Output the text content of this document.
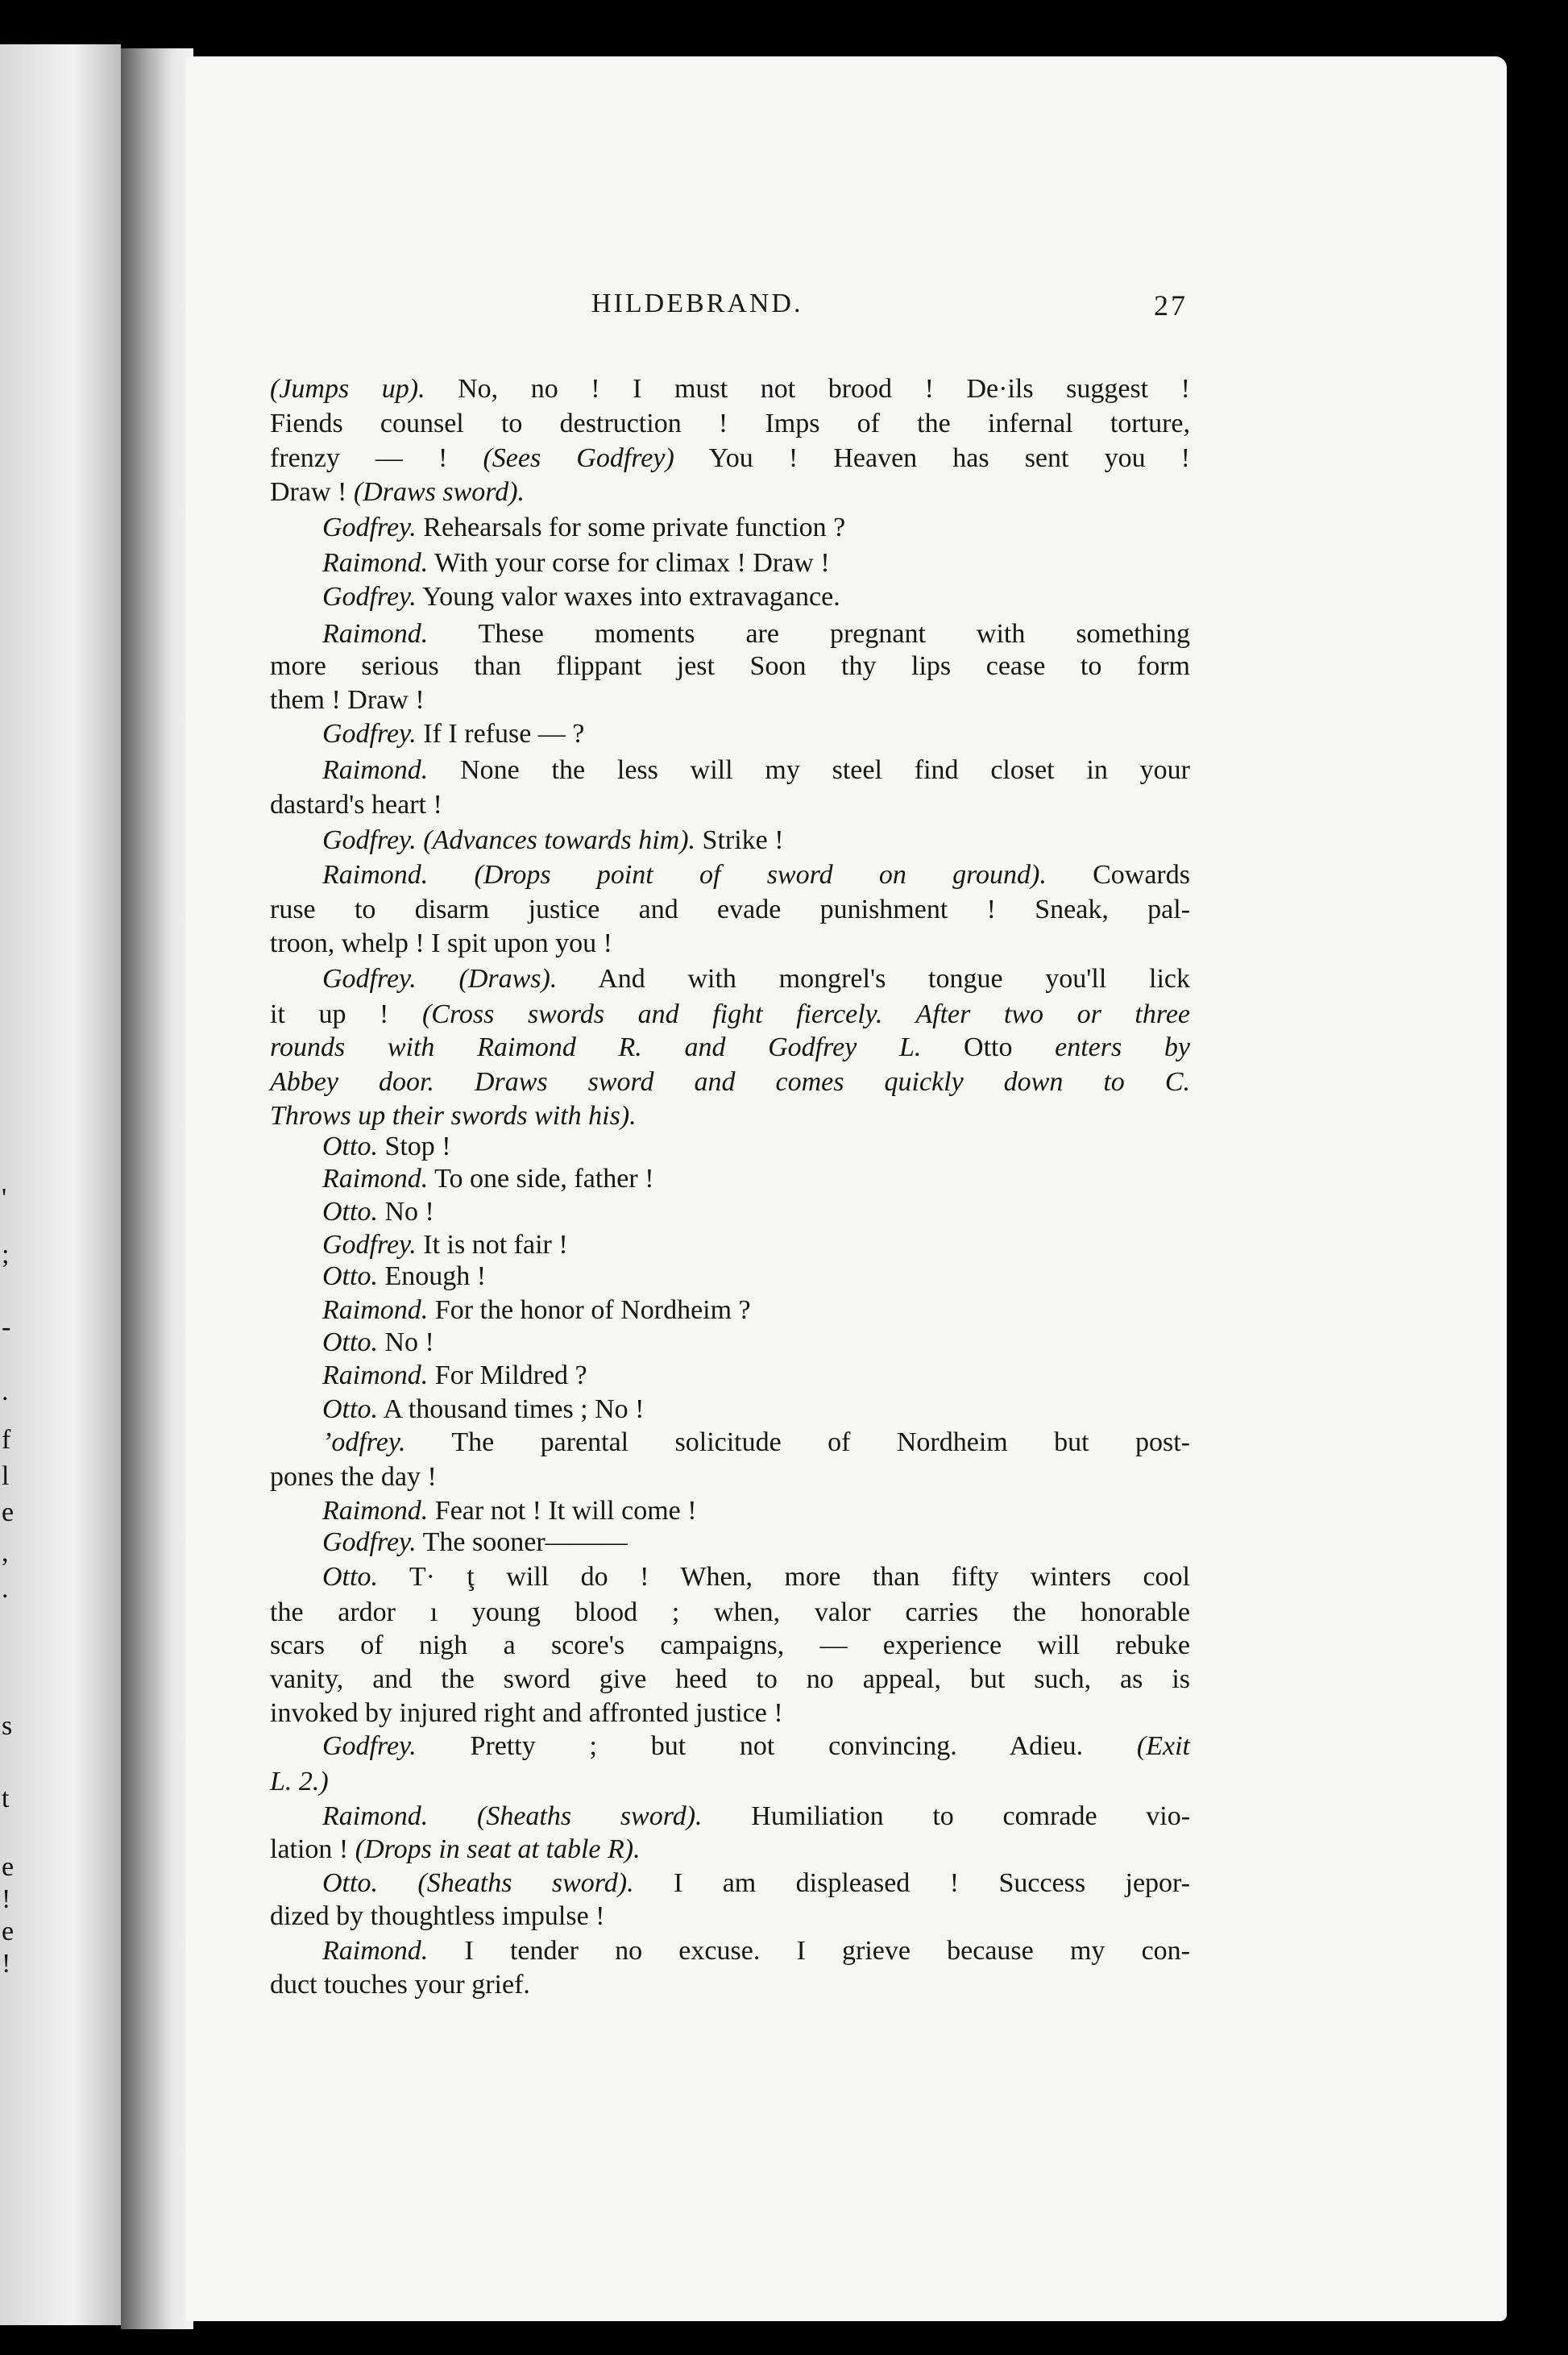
'
;
-
.
f
l
e
,
.
s
t
e
!
e
!
HILDEBRAND.	27
(Jumps up). No, no ! I must not brood ! De·ils suggest !
Fiends counsel to destruction ! Imps of the infernal torture,
frenzy — ! (Sees Godfrey) You ! Heaven has sent you !
Draw ! (Draws sword).
Godfrey. Rehearsals for some private function ?
Raimond. With your corse for climax ! Draw !
Godfrey. Young valor waxes into extravagance.
Raimond. These moments are pregnant with something
more serious than flippant jest Soon thy lips cease to form
them ! Draw !
Godfrey. If I refuse — ?
Raimond. None the less will my steel find closet in your
dastard's heart !
Godfrey. (Advances towards him). Strike !
Raimond. (Drops point of sword on ground). Cowards
ruse to disarm justice and evade punishment ! Sneak, pal-
troon, whelp ! I spit upon you !
Godfrey. (Draws). And with mongrel's tongue you'll lick
it up ! (Cross swords and fight fiercely. After two or three
rounds with Raimond R. and Godfrey L. Otto enters by
Abbey door. Draws sword and comes quickly down to C.
Throws up their swords with his).
Otto. Stop !
Raimond. To one side, father !
Otto. No !
Godfrey. It is not fair !
Otto. Enough !
Raimond. For the honor of Nordheim ?
Otto. No !
Raimond. For Mildred ?
Otto. A thousand times ; No !
’odfrey. The parental solicitude of Nordheim but post-
pones the day !
Raimond. Fear not ! It will come !
Godfrey. The sooner———
Otto. T· ţ will do ! When, more than fifty winters cool
the ardor ı young blood ; when, valor carries the honorable
scars of nigh a score's campaigns, — experience will rebuke
vanity, and the sword give heed to no appeal, but such, as is
invoked by injured right and affronted justice !
Godfrey. Pretty ; but not convincing. Adieu. (Exit
L. 2.)
Raimond. (Sheaths sword). Humiliation to comrade vio-
lation ! (Drops in seat at table R).
Otto. (Sheaths sword). I am displeased ! Success jepor-
dized by thoughtless impulse !
Raimond. I tender no excuse. I grieve because my con-
duct touches your grief.
